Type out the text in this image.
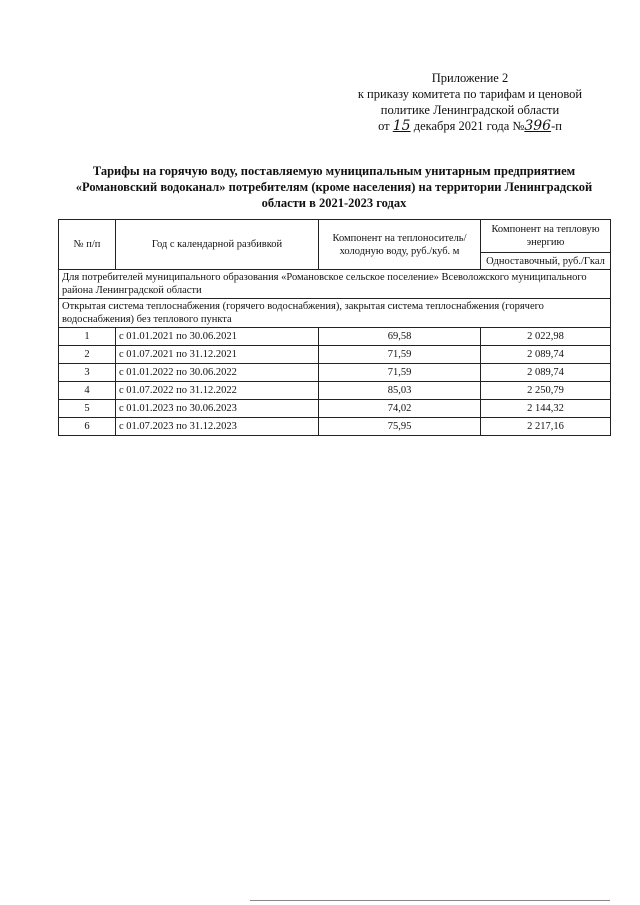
Приложение 2
к приказу комитета по тарифам и ценовой
политике Ленинградской области
от 15 декабря 2021 года №396-п
Тарифы на горячую воду, поставляемую муниципальным унитарным предприятием
«Романовский водоканал» потребителям (кроме населения) на территории Ленинградской
области в 2021-2023 годах
№ п/п	Год с календарной разбивкой	Компонент на теплоноситель/ холодную воду, руб./куб. м	Компонент на тепловую энергию
			Одноставочный, руб./Гкал
Для потребителей муниципального образования «Романовское сельское поселение» Всеволожского муниципального района Ленинградской области			
Открытая система теплоснабжения (горячего водоснабжения), закрытая система теплоснабжения (горячего водоснабжения) без теплового пункта			
1	с 01.01.2021 по 30.06.2021	69,58	2 022,98
2	с 01.07.2021 по 31.12.2021	71,59	2 089,74
3	с 01.01.2022 по 30.06.2022	71,59	2 089,74
4	с 01.07.2022 по 31.12.2022	85,03	2 250,79
5	с 01.01.2023 по 30.06.2023	74,02	2 144,32
6	с 01.07.2023 по 31.12.2023	75,95	2 217,16
